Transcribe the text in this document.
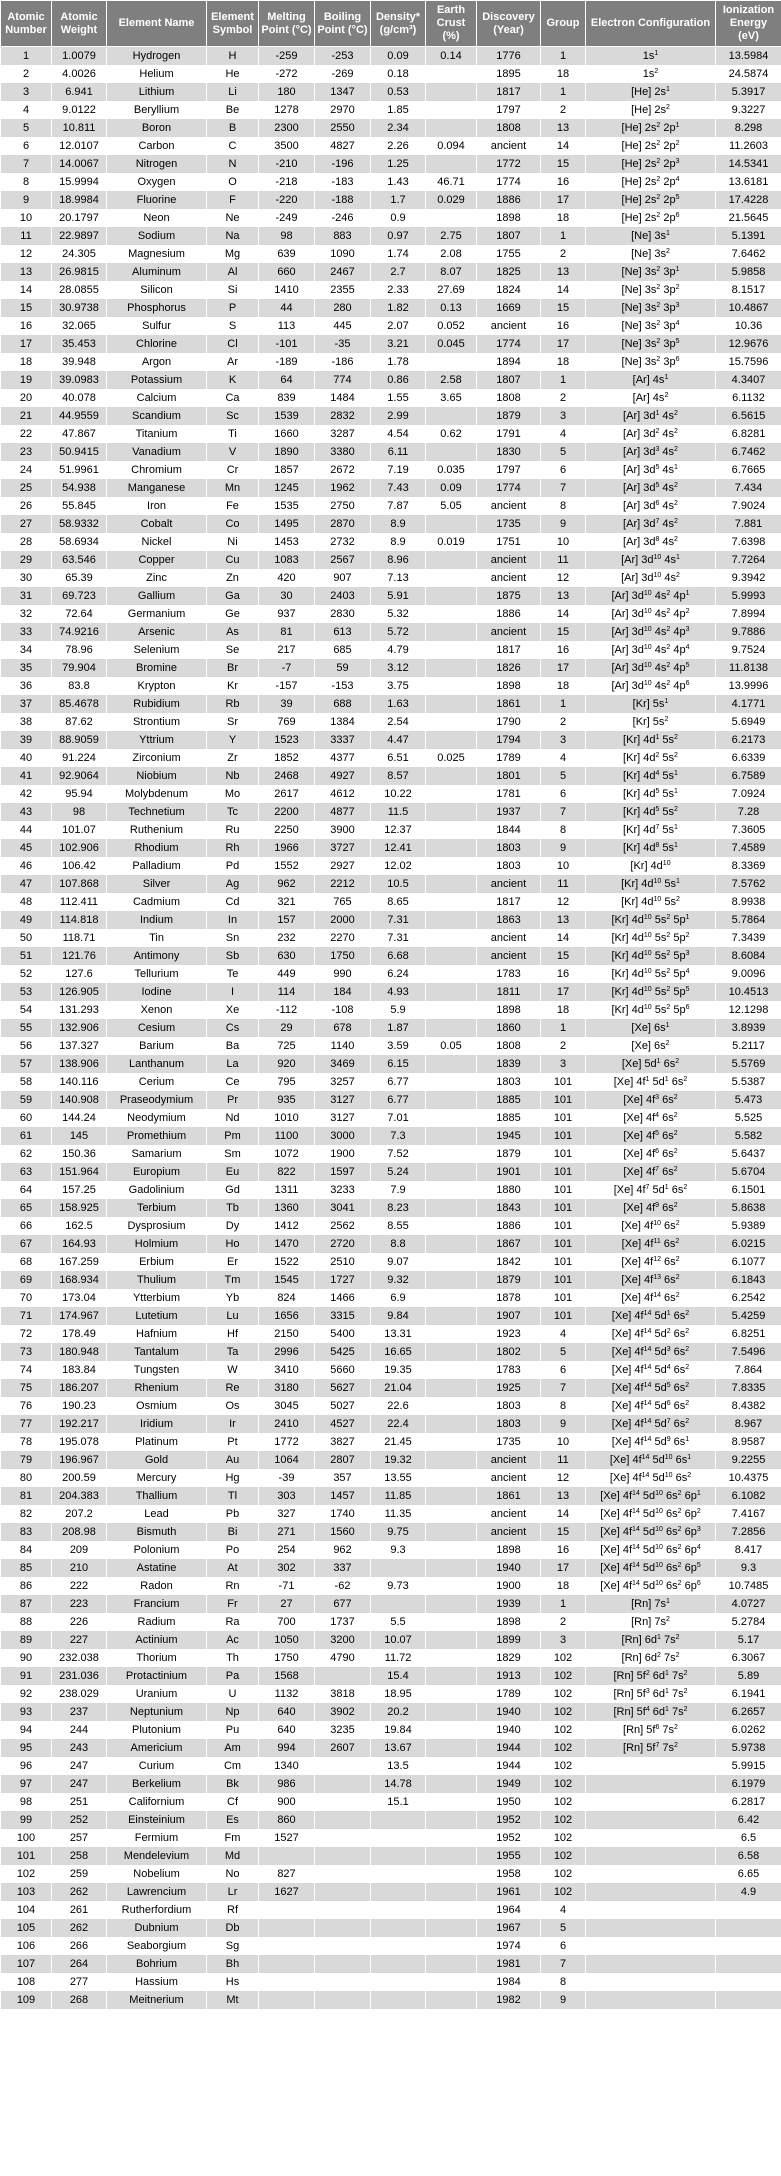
Atomic Number	Atomic Weight	Element Name	Element Symbol	Melting Point (°C)	Boiling Point (°C)	Density* (g/cm³)	Earth Crust (%)	Discovery (Year)	Group	Electron Configuration	Ionization Energy (eV)
1	1.0079	Hydrogen	H	-259	-253	0.09	0.14	1776	1	$1s^1$	13.5984
2	4.0026	Helium	He	-272	-269	0.18		1895	18	$1s^2$	24.5874
3	6.941	Lithium	Li	180	1347	0.53		1817	1	[He] $2s^1$	5.3917
4	9.0122	Beryllium	Be	1278	2970	1.85		1797	2	[He] $2s^2$	9.3227
5	10.811	Boron	B	2300	2550	2.34		1808	13	[He] $2s^2$ $2p^1$	8.298
6	12.0107	Carbon	C	3500	4827	2.26	0.094	ancient	14	[He] $2s^2$ $2p^2$	11.2603
7	14.0067	Nitrogen	N	-210	-196	1.25		1772	15	[He] $2s^2$ $2p^3$	14.5341
8	15.9994	Oxygen	O	-218	-183	1.43	46.71	1774	16	[He] $2s^2$ $2p^4$	13.6181
9	18.9984	Fluorine	F	-220	-188	1.7	0.029	1886	17	[He] $2s^2$ $2p^5$	17.4228
10	20.1797	Neon	Ne	-249	-246	0.9		1898	18	[He] $2s^2$ $2p^6$	21.5645
11	22.9897	Sodium	Na	98	883	0.97	2.75	1807	1	[Ne] $3s^1$	5.1391
12	24.305	Magnesium	Mg	639	1090	1.74	2.08	1755	2	[Ne] $3s^2$	7.6462
13	26.9815	Aluminum	Al	660	2467	2.7	8.07	1825	13	[Ne] $3s^2$ $3p^1$	5.9858
14	28.0855	Silicon	Si	1410	2355	2.33	27.69	1824	14	[Ne] $3s^2$ $3p^2$	8.1517
15	30.9738	Phosphorus	P	44	280	1.82	0.13	1669	15	[Ne] $3s^2$ $3p^3$	10.4867
16	32.065	Sulfur	S	113	445	2.07	0.052	ancient	16	[Ne] $3s^2$ $3p^4$	10.36
17	35.453	Chlorine	Cl	-101	-35	3.21	0.045	1774	17	[Ne] $3s^2$ $3p^5$	12.9676
18	39.948	Argon	Ar	-189	-186	1.78		1894	18	[Ne] $3s^2$ $3p^6$	15.7596
19	39.0983	Potassium	K	64	774	0.86	2.58	1807	1	[Ar] $4s^1$	4.3407
20	40.078	Calcium	Ca	839	1484	1.55	3.65	1808	2	[Ar] $4s^2$	6.1132
21	44.9559	Scandium	Sc	1539	2832	2.99		1879	3	[Ar] $3d^1$ $4s^2$	6.5615
22	47.867	Titanium	Ti	1660	3287	4.54	0.62	1791	4	[Ar] $3d^2$ $4s^2$	6.8281
23	50.9415	Vanadium	V	1890	3380	6.11		1830	5	[Ar] $3d^3$ $4s^2$	6.7462
24	51.9961	Chromium	Cr	1857	2672	7.19	0.035	1797	6	[Ar] $3d^5$ $4s^1$	6.7665
25	54.938	Manganese	Mn	1245	1962	7.43	0.09	1774	7	[Ar] $3d^5$ $4s^2$	7.434
26	55.845	Iron	Fe	1535	2750	7.87	5.05	ancient	8	[Ar] $3d^6$ $4s^2$	7.9024
27	58.9332	Cobalt	Co	1495	2870	8.9		1735	9	[Ar] $3d^7$ $4s^2$	7.881
28	58.6934	Nickel	Ni	1453	2732	8.9	0.019	1751	10	[Ar] $3d^8$ $4s^2$	7.6398
29	63.546	Copper	Cu	1083	2567	8.96		ancient	11	[Ar] $3d^{10}$ $4s^1$	7.7264
30	65.39	Zinc	Zn	420	907	7.13		ancient	12	[Ar] $3d^{10}$ $4s^2$	9.3942
31	69.723	Gallium	Ga	30	2403	5.91		1875	13	[Ar] $3d^{10}$ $4s^2$ $4p^1$	5.9993
32	72.64	Germanium	Ge	937	2830	5.32		1886	14	[Ar] $3d^{10}$ $4s^2$ $4p^2$	7.8994
33	74.9216	Arsenic	As	81	613	5.72		ancient	15	[Ar] $3d^{10}$ $4s^2$ $4p^3$	9.7886
34	78.96	Selenium	Se	217	685	4.79		1817	16	[Ar] $3d^{10}$ $4s^2$ $4p^4$	9.7524
35	79.904	Bromine	Br	-7	59	3.12		1826	17	[Ar] $3d^{10}$ $4s^2$ $4p^5$	11.8138
36	83.8	Krypton	Kr	-157	-153	3.75		1898	18	[Ar] $3d^{10}$ $4s^2$ $4p^6$	13.9996
37	85.4678	Rubidium	Rb	39	688	1.63		1861	1	[Kr] $5s^1$	4.1771
38	87.62	Strontium	Sr	769	1384	2.54		1790	2	[Kr] $5s^2$	5.6949
39	88.9059	Yttrium	Y	1523	3337	4.47		1794	3	[Kr] $4d^1$ $5s^2$	6.2173
40	91.224	Zirconium	Zr	1852	4377	6.51	0.025	1789	4	[Kr] $4d^2$ $5s^2$	6.6339
41	92.9064	Niobium	Nb	2468	4927	8.57		1801	5	[Kr] $4d^4$ $5s^1$	6.7589
42	95.94	Molybdenum	Mo	2617	4612	10.22		1781	6	[Kr] $4d^5$ $5s^1$	7.0924
43	98	Technetium	Tc	2200	4877	11.5		1937	7	[Kr] $4d^5$ $5s^2$	7.28
44	101.07	Ruthenium	Ru	2250	3900	12.37		1844	8	[Kr] $4d^7$ $5s^1$	7.3605
45	102.906	Rhodium	Rh	1966	3727	12.41		1803	9	[Kr] $4d^8$ $5s^1$	7.4589
46	106.42	Palladium	Pd	1552	2927	12.02		1803	10	[Kr] $4d^{10}$	8.3369
47	107.868	Silver	Ag	962	2212	10.5		ancient	11	[Kr] $4d^{10}$ $5s^1$	7.5762
48	112.411	Cadmium	Cd	321	765	8.65		1817	12	[Kr] $4d^{10}$ $5s^2$	8.9938
49	114.818	Indium	In	157	2000	7.31		1863	13	[Kr] $4d^{10}$ $5s^2$ $5p^1$	5.7864
50	118.71	Tin	Sn	232	2270	7.31		ancient	14	[Kr] $4d^{10}$ $5s^2$ $5p^2$	7.3439
51	121.76	Antimony	Sb	630	1750	6.68		ancient	15	[Kr] $4d^{10}$ $5s^2$ $5p^3$	8.6084
52	127.6	Tellurium	Te	449	990	6.24		1783	16	[Kr] $4d^{10}$ $5s^2$ $5p^4$	9.0096
53	126.905	Iodine	I	114	184	4.93		1811	17	[Kr] $4d^{10}$ $5s^2$ $5p^5$	10.4513
54	131.293	Xenon	Xe	-112	-108	5.9		1898	18	[Kr] $4d^{10}$ $5s^2$ $5p^6$	12.1298
55	132.906	Cesium	Cs	29	678	1.87		1860	1	[Xe] $6s^1$	3.8939
56	137.327	Barium	Ba	725	1140	3.59	0.05	1808	2	[Xe] $6s^2$	5.2117
57	138.906	Lanthanum	La	920	3469	6.15		1839	3	[Xe] $5d^1$ $6s^2$	5.5769
58	140.116	Cerium	Ce	795	3257	6.77		1803	101	[Xe] $4f^1$ $5d^1$ $6s^2$	5.5387
59	140.908	Praseodymium	Pr	935	3127	6.77		1885	101	[Xe] $4f^3$ $6s^2$	5.473
60	144.24	Neodymium	Nd	1010	3127	7.01		1885	101	[Xe] $4f^4$ $6s^2$	5.525
61	145	Promethium	Pm	1100	3000	7.3		1945	101	[Xe] $4f^5$ $6s^2$	5.582
62	150.36	Samarium	Sm	1072	1900	7.52		1879	101	[Xe] $4f^6$ $6s^2$	5.6437
63	151.964	Europium	Eu	822	1597	5.24		1901	101	[Xe] $4f^7$ $6s^2$	5.6704
64	157.25	Gadolinium	Gd	1311	3233	7.9		1880	101	[Xe] $4f^7$ $5d^1$ $6s^2$	6.1501
65	158.925	Terbium	Tb	1360	3041	8.23		1843	101	[Xe] $4f^9$ $6s^2$	5.8638
66	162.5	Dysprosium	Dy	1412	2562	8.55		1886	101	[Xe] $4f^{10}$ $6s^2$	5.9389
67	164.93	Holmium	Ho	1470	2720	8.8		1867	101	[Xe] $4f^{11}$ $6s^2$	6.0215
68	167.259	Erbium	Er	1522	2510	9.07		1842	101	[Xe] $4f^{12}$ $6s^2$	6.1077
69	168.934	Thulium	Tm	1545	1727	9.32		1879	101	[Xe] $4f^{13}$ $6s^2$	6.1843
70	173.04	Ytterbium	Yb	824	1466	6.9		1878	101	[Xe] $4f^{14}$ $6s^2$	6.2542
71	174.967	Lutetium	Lu	1656	3315	9.84		1907	101	[Xe] $4f^{14}$ $5d^1$ $6s^2$	5.4259
72	178.49	Hafnium	Hf	2150	5400	13.31		1923	4	[Xe] $4f^{14}$ $5d^2$ $6s^2$	6.8251
73	180.948	Tantalum	Ta	2996	5425	16.65		1802	5	[Xe] $4f^{14}$ $5d^3$ $6s^2$	7.5496
74	183.84	Tungsten	W	3410	5660	19.35		1783	6	[Xe] $4f^{14}$ $5d^4$ $6s^2$	7.864
75	186.207	Rhenium	Re	3180	5627	21.04		1925	7	[Xe] $4f^{14}$ $5d^5$ $6s^2$	7.8335
76	190.23	Osmium	Os	3045	5027	22.6		1803	8	[Xe] $4f^{14}$ $5d^6$ $6s^2$	8.4382
77	192.217	Iridium	Ir	2410	4527	22.4		1803	9	[Xe] $4f^{14}$ $5d^7$ $6s^2$	8.967
78	195.078	Platinum	Pt	1772	3827	21.45		1735	10	[Xe] $4f^{14}$ $5d^9$ $6s^1$	8.9587
79	196.967	Gold	Au	1064	2807	19.32		ancient	11	[Xe] $4f^{14}$ $5d^{10}$ $6s^1$	9.2255
80	200.59	Mercury	Hg	-39	357	13.55		ancient	12	[Xe] $4f^{14}$ $5d^{10}$ $6s^2$	10.4375
81	204.383	Thallium	Tl	303	1457	11.85		1861	13	[Xe] $4f^{14}$ $5d^{10}$ $6s^2$ $6p^1$	6.1082
82	207.2	Lead	Pb	327	1740	11.35		ancient	14	[Xe] $4f^{14}$ $5d^{10}$ $6s^2$ $6p^2$	7.4167
83	208.98	Bismuth	Bi	271	1560	9.75		ancient	15	[Xe] $4f^{14}$ $5d^{10}$ $6s^2$ $6p^3$	7.2856
84	209	Polonium	Po	254	962	9.3		1898	16	[Xe] $4f^{14}$ $5d^{10}$ $6s^2$ $6p^4$	8.417
85	210	Astatine	At	302	337			1940	17	[Xe] $4f^{14}$ $5d^{10}$ $6s^2$ $6p^5$	9.3
86	222	Radon	Rn	-71	-62	9.73		1900	18	[Xe] $4f^{14}$ $5d^{10}$ $6s^2$ $6p^6$	10.7485
87	223	Francium	Fr	27	677			1939	1	[Rn] $7s^1$	4.0727
88	226	Radium	Ra	700	1737	5.5		1898	2	[Rn] $7s^2$	5.2784
89	227	Actinium	Ac	1050	3200	10.07		1899	3	[Rn] $6d^1$ $7s^2$	5.17
90	232.038	Thorium	Th	1750	4790	11.72		1829	102	[Rn] $6d^2$ $7s^2$	6.3067
91	231.036	Protactinium	Pa	1568		15.4		1913	102	[Rn] $5f^2$ $6d^1$ $7s^2$	5.89
92	238.029	Uranium	U	1132	3818	18.95		1789	102	[Rn] $5f^3$ $6d^1$ $7s^2$	6.1941
93	237	Neptunium	Np	640	3902	20.2		1940	102	[Rn] $5f^4$ $6d^1$ $7s^2$	6.2657
94	244	Plutonium	Pu	640	3235	19.84		1940	102	[Rn] $5f^6$ $7s^2$	6.0262
95	243	Americium	Am	994	2607	13.67		1944	102	[Rn] $5f^7$ $7s^2$	5.9738
96	247	Curium	Cm	1340		13.5		1944	102		5.9915
97	247	Berkelium	Bk	986		14.78		1949	102		6.1979
98	251	Californium	Cf	900		15.1		1950	102		6.2817
99	252	Einsteinium	Es	860				1952	102		6.42
100	257	Fermium	Fm	1527				1952	102		6.5
101	258	Mendelevium	Md					1955	102		6.58
102	259	Nobelium	No	827				1958	102		6.65
103	262	Lawrencium	Lr	1627				1961	102		4.9
104	261	Rutherfordium	Rf					1964	4		
105	262	Dubnium	Db					1967	5		
106	266	Seaborgium	Sg					1974	6		
107	264	Bohrium	Bh					1981	7		
108	277	Hassium	Hs					1984	8		
109	268	Meitnerium	Mt					1982	9		
